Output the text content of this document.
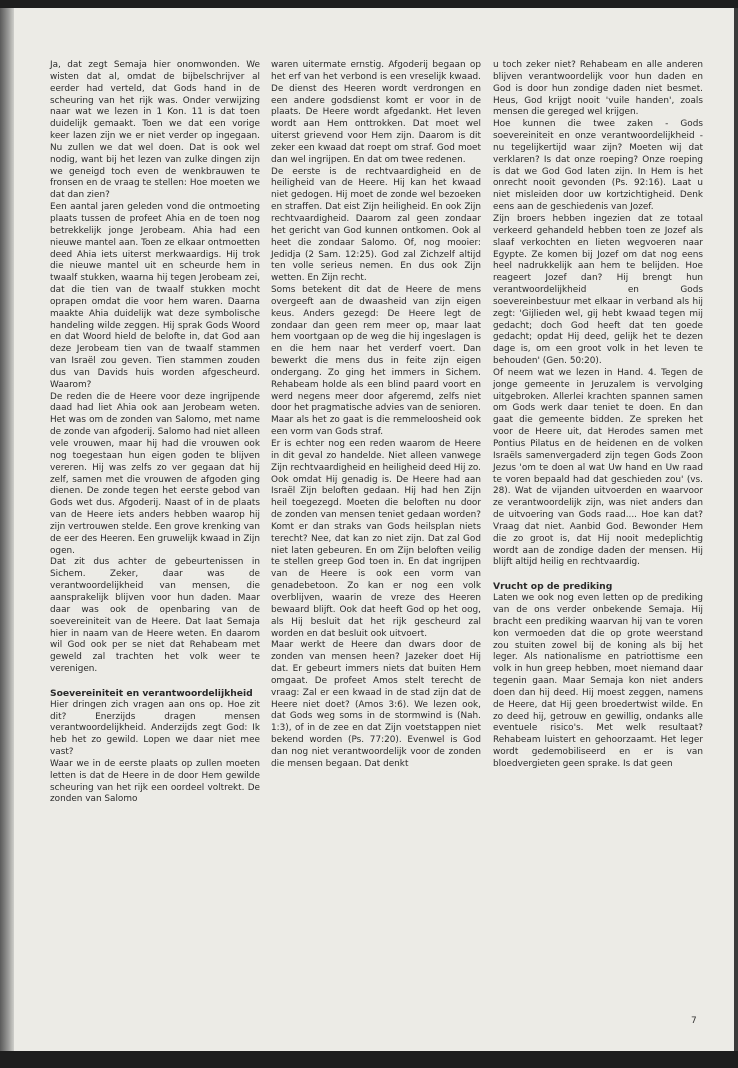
Ja, dat zegt Semaja hier onomwonden. We wisten dat al, omdat de bijbelschrijver al eerder had verteld, dat Gods hand in de scheuring van het rijk was. Onder verwijzing naar wat we lezen in 1 Kon. 11 is dat toen duidelijk gemaakt. Toen we dat een vorige keer lazen zijn we er niet verder op ingegaan. Nu zullen we dat wel doen. Dat is ook wel nodig, want bij het lezen van zulke dingen zijn we geneigd toch even de wenkbrauwen te fronsen en de vraag te stellen: Hoe moeten we dat dan zien?

Een aantal jaren geleden vond die ontmoeting plaats tussen de profeet Ahia en de toen nog betrekkelijk jonge Jerobeam. Ahia had een nieuwe mantel aan. Toen ze elkaar ontmoetten deed Ahia iets uiterst merkwaardigs. Hij trok die nieuwe mantel uit en scheurde hem in twaalf stukken, waarna hij tegen Jerobeam zei, dat die tien van de twaalf stukken mocht oprapen omdat die voor hem waren. Daarna maakte Ahia duidelijk wat deze symbolische handeling wilde zeggen. Hij sprak Gods Woord en dat Woord hield de belofte in, dat God aan deze Jerobeam tien van de twaalf stammen van Israël zou geven. Tien stammen zouden dus van Davids huis worden afgescheurd. Waarom?

De reden die de Heere voor deze ingrijpende daad had liet Ahia ook aan Jerobeam weten. Het was om de zonden van Salomo, met name de zonde van afgoderij. Salomo had niet alleen vele vrouwen, maar hij had die vrouwen ook nog toegestaan hun eigen goden te blijven vereren. Hij was zelfs zo ver gegaan dat hij zelf, samen met die vrouwen de afgoden ging dienen. De zonde tegen het eerste gebod van Gods wet dus. Afgoderij. Naast of in de plaats van de Heere iets anders hebben waarop hij zijn vertrouwen stelde. Een grove krenking van de eer des Heeren. Een gruwelijk kwaad in Zijn ogen.

Dat zit dus achter de gebeurtenissen in Sichem. Zeker, daar was de verantwoordelijkheid van mensen, die aansprakelijk blijven voor hun daden. Maar daar was ook de openbaring van de soevereiniteit van de Heere. Dat laat Semaja hier in naam van de Heere weten. En daarom wil God ook per se niet dat Rehabeam met geweld zal trachten het volk weer te verenigen.

Soevereiniteit en verantwoordelijkheid

Hier dringen zich vragen aan ons op. Hoe zit dit? Enerzijds dragen mensen verantwoordelijkheid. Anderzijds zegt God: Ik heb het zo gewild. Lopen we daar niet mee vast?

Waar we in de eerste plaats op zullen moeten letten is dat de Heere in de door Hem gewilde scheuring van het rijk een oordeel voltrekt. De zonden van Salomo

waren uitermate ernstig. Afgoderij begaan op het erf van het verbond is een vreselijk kwaad. De dienst des Heeren wordt verdrongen en een andere godsdienst komt er voor in de plaats. De Heere wordt afgedankt. Het leven wordt aan Hem onttrokken. Dat moet wel uiterst grievend voor Hem zijn. Daarom is dit zeker een kwaad dat roept om straf. God moet dan wel ingrijpen. En dat om twee redenen.

De eerste is de rechtvaardigheid en de heiligheid van de Heere. Hij kan het kwaad niet gedogen. Hij moet de zonde wel bezoeken en straffen. Dat eist Zijn heiligheid. En ook Zijn rechtvaardigheid. Daarom zal geen zondaar het gericht van God kunnen ontkomen. Ook al heet die zondaar Salomo. Of, nog mooier: Jedidja (2 Sam. 12:25). God zal Zichzelf altijd ten volle serieus nemen. En dus ook Zijn wetten. En Zijn recht.

Soms betekent dit dat de Heere de mens overgeeft aan de dwaasheid van zijn eigen keus. Anders gezegd: De Heere legt de zondaar dan geen rem meer op, maar laat hem voortgaan op de weg die hij ingeslagen is en die hem naar het verderf voert. Dan bewerkt die mens dus in feite zijn eigen ondergang. Zo ging het immers in Sichem. Rehabeam holde als een blind paard voort en werd negens meer door afgeremd, zelfs niet door het pragmatische advies van de senioren. Maar als het zo gaat is die remmeloosheid ook een vorm van Gods straf.

Er is echter nog een reden waarom de Heere in dit geval zo handelde. Niet alleen vanwege Zijn rechtvaardigheid en heiligheid deed Hij zo. Ook omdat Hij genadig is. De Heere had aan Israël Zijn beloften gedaan. Hij had hen Zijn heil toegezegd. Moeten die beloften nu door de zonden van mensen teniet gedaan worden? Komt er dan straks van Gods heilsplan niets terecht? Nee, dat kan zo niet zijn. Dat zal God niet laten gebeuren. En om Zijn beloften veilig te stellen greep God toen in. En dat ingrijpen van de Heere is ook een vorm van genadebetoon. Zo kan er nog een volk overblijven, waarin de vreze des Heeren bewaard blijft. Ook dat heeft God op het oog, als Hij besluit dat het rijk gescheurd zal worden en dat besluit ook uitvoert.

Maar werkt de Heere dan dwars door de zonden van mensen heen? Jazeker doet Hij dat. Er gebeurt immers niets dat buiten Hem omgaat. De profeet Amos stelt terecht de vraag: Zal er een kwaad in de stad zijn dat de Heere niet doet? (Amos 3:6). We lezen ook, dat Gods weg soms in de stormwind is (Nah. 1:3), of in de zee en dat Zijn voetstappen niet bekend worden (Ps. 77:20). Evenwel is God dan nog niet verantwoordelijk voor de zonden die mensen begaan. Dat denkt

u toch zeker niet? Rehabeam en alle anderen blijven verantwoordelijk voor hun daden en God is door hun zondige daden niet besmet. Heus, God krijgt nooit 'vuile handen', zoals mensen die gereged wel krijgen.

Hoe kunnen die twee zaken - Gods soevereiniteit en onze verantwoordelijkheid - nu tegelijkertijd waar zijn? Moeten wij dat verklaren? Is dat onze roeping? Onze roeping is dat we God God laten zijn. In Hem is het onrecht nooit gevonden (Ps. 92:16). Laat u niet misleiden door uw kortzichtigheid. Denk eens aan de geschiedenis van Jozef.

Zijn broers hebben ingezien dat ze totaal verkeerd gehandeld hebben toen ze Jozef als slaaf verkochten en lieten wegvoeren naar Egypte. Ze komen bij Jozef om dat nog eens heel nadrukkelijk aan hem te belijden. Hoe reageert Jozef dan? Hij brengt hun verantwoordelijkheid en Gods soevereinbestuur met elkaar in verband als hij zegt: 'Gijlieden wel, gij hebt kwaad tegen mij gedacht; doch God heeft dat ten goede gedacht; opdat Hij deed, gelijk het te dezen dage is, om een groot volk in het leven te behouden' (Gen. 50:20).

Of neem wat we lezen in Hand. 4. Tegen de jonge gemeente in Jeruzalem is vervolging uitgebroken. Allerlei krachten spannen samen om Gods werk daar teniet te doen. En dan gaat die gemeente bidden. Ze spreken het voor de Heere uit, dat Herodes samen met Pontius Pilatus en de heidenen en de volken Israëls samenvergaderd zijn tegen Gods Zoon Jezus 'om te doen al wat Uw hand en Uw raad te voren bepaald had dat geschieden zou' (vs. 28). Wat de vijanden uitvoerden en waarvoor ze verantwoordelijk zijn, was niet anders dan de uitvoering van Gods raad.... Hoe kan dat? Vraag dat niet. Aanbid God. Bewonder Hem die zo groot is, dat Hij nooit medeplichtig wordt aan de zondige daden der mensen. Hij blijft altijd heilig en rechtvaardig.

Vrucht op de prediking

Laten we ook nog even letten op de prediking van de ons verder onbekende Semaja. Hij bracht een prediking waarvan hij van te voren kon vermoeden dat die op grote weerstand zou stuiten zowel bij de koning als bij het leger. Als nationalisme en patriottisme een volk in hun greep hebben, moet niemand daar tegenin gaan. Maar Semaja kon niet anders doen dan hij deed. Hij moest zeggen, namens de Heere, dat Hij geen broedertwist wilde. En zo deed hij, getrouw en gewillig, ondanks alle eventuele risico's. Met welk resultaat? Rehabeam luistert en gehoorzaamt. Het leger wordt gedemobiliseerd en er is van bloedvergieten geen sprake. Is dat geen

7
